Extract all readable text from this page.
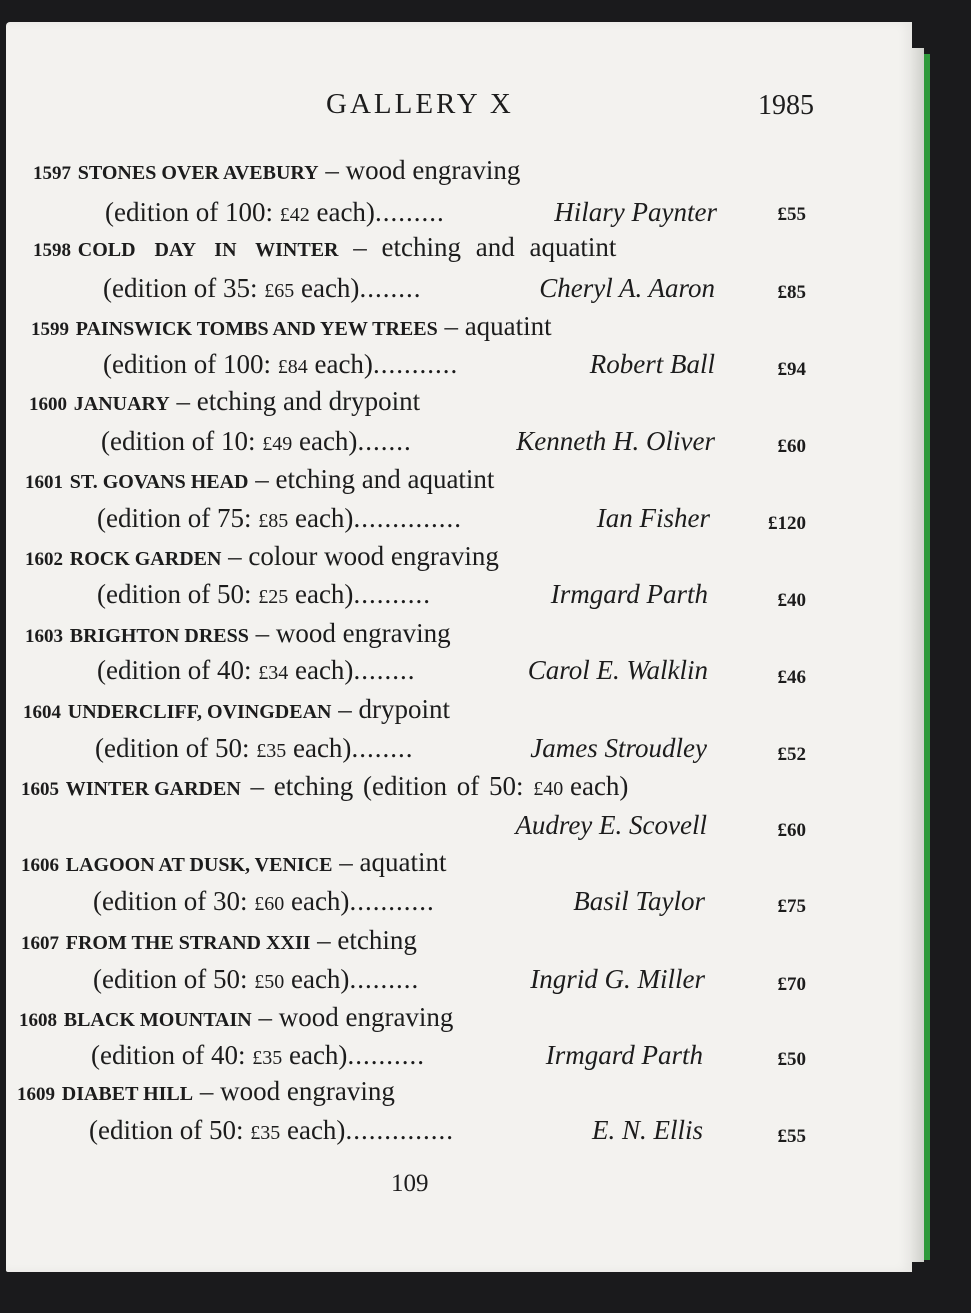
GALLERY X	1985
1597 STONES OVER AVEBURY – wood engraving
(edition of 100: £42 each).........	Hilary Paynter	£55
1598 COLD DAY IN WINTER – etching and aquatint
(edition of 35: £65 each)........	Cheryl A. Aaron	£85
1599 PAINSWICK TOMBS AND YEW TREES – aquatint
(edition of 100: £84 each)...........	Robert Ball	£94
1600 JANUARY – etching and drypoint
(edition of 10: £49 each).......	Kenneth H. Oliver	£60
1601 ST. GOVANS HEAD – etching and aquatint
(edition of 75: £85 each)..............	Ian Fisher	£120
1602 ROCK GARDEN – colour wood engraving
(edition of 50: £25 each)..........	Irmgard Parth	£40
1603 BRIGHTON DRESS – wood engraving
(edition of 40: £34 each)........	Carol E. Walklin	£46
1604 UNDERCLIFF, OVINGDEAN – drypoint
(edition of 50: £35 each)........	James Stroudley	£52
1605 WINTER GARDEN – etching (edition of 50: £40 each)
Audrey E. Scovell	£60
1606 LAGOON AT DUSK, VENICE – aquatint
(edition of 30: £60 each)...........	Basil Taylor	£75
1607 FROM THE STRAND XXII – etching
(edition of 50: £50 each).........	Ingrid G. Miller	£70
1608 BLACK MOUNTAIN – wood engraving
(edition of 40: £35 each)..........	Irmgard Parth	£50
1609 DIABET HILL – wood engraving
(edition of 50: £35 each)..............	E. N. Ellis	£55
109
